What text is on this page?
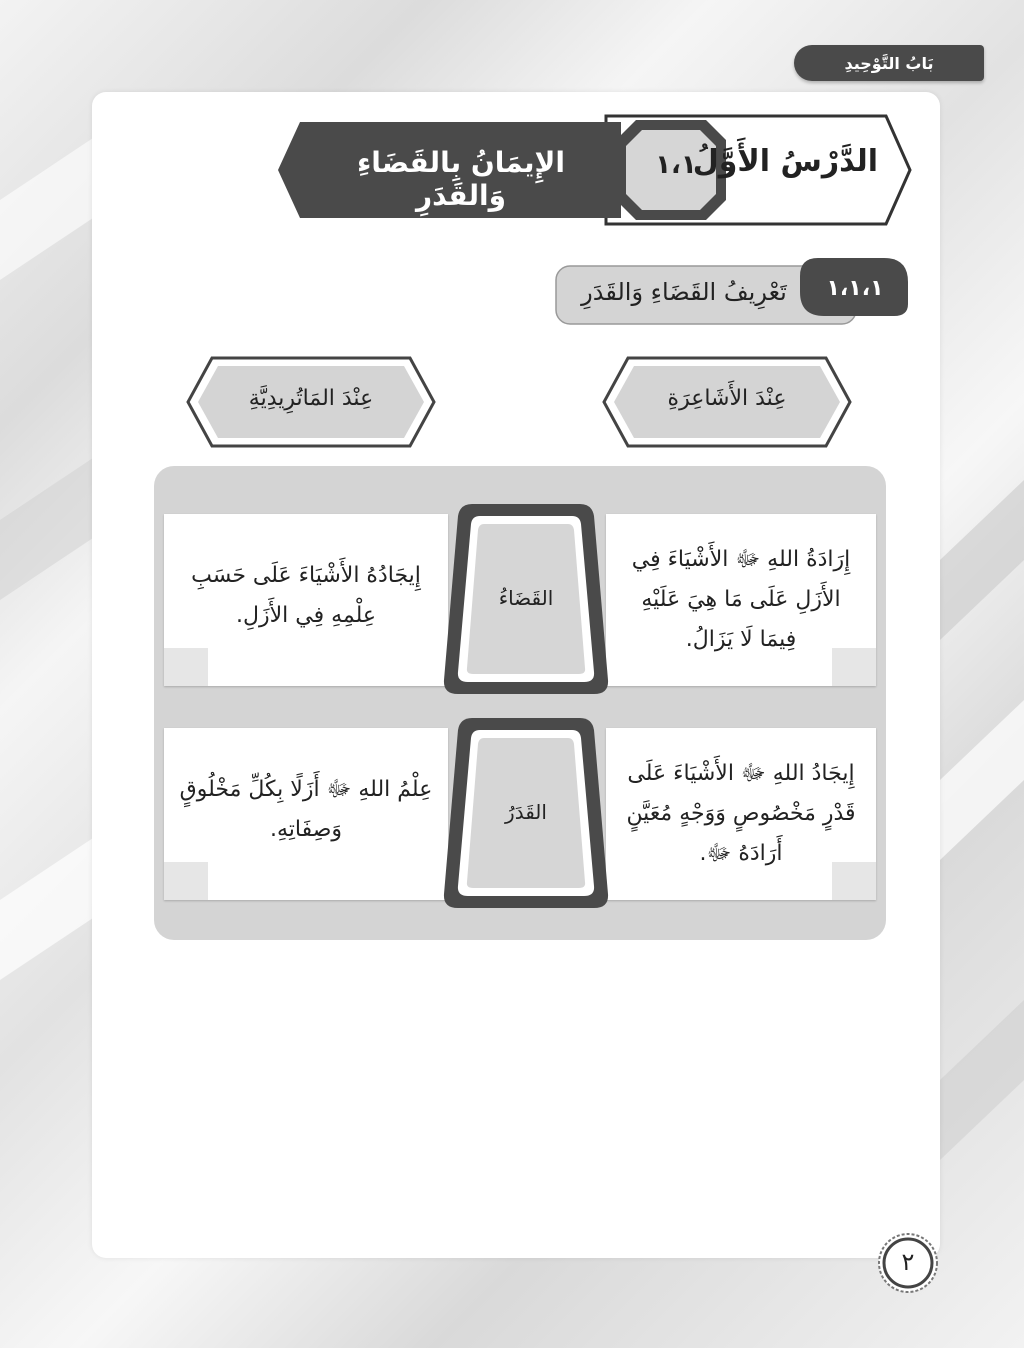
بَابُ التَّوْحِيدِ
الدَّرْسُ الأَوَّلُ
١،١
الإِيمَانُ بِالقَضَاءِ وَالقَدَرِ
١،١،١
تَعْرِيفُ القَضَاءِ وَالقَدَرِ
عِنْدَ الأَشَاعِرَةِ
عِنْدَ المَاتُرِيدِيَّةِ
إِرَادَةُ اللهِ ﷻ الأَشْيَاءَ فِي الأَزَلِ عَلَى مَا هِيَ عَلَيْهِ فِيمَا لَا يَزَالُ.
إِيجَادُهُ الأَشْيَاءَ عَلَى حَسَبِ عِلْمِهِ فِي الأَزَلِ.
القَضَاءُ
إِيجَادُ اللهِ ﷻ الأَشْيَاءَ عَلَى قَدْرٍ مَخْصُوصٍ وَوَجْهٍ مُعَيَّنٍ أَرَادَهُ ﷻ.
عِلْمُ اللهِ ﷻ أَزَلًا بِكُلِّ مَخْلُوقٍ وَصِفَاتِهِ.
القَدَرُ
٢
